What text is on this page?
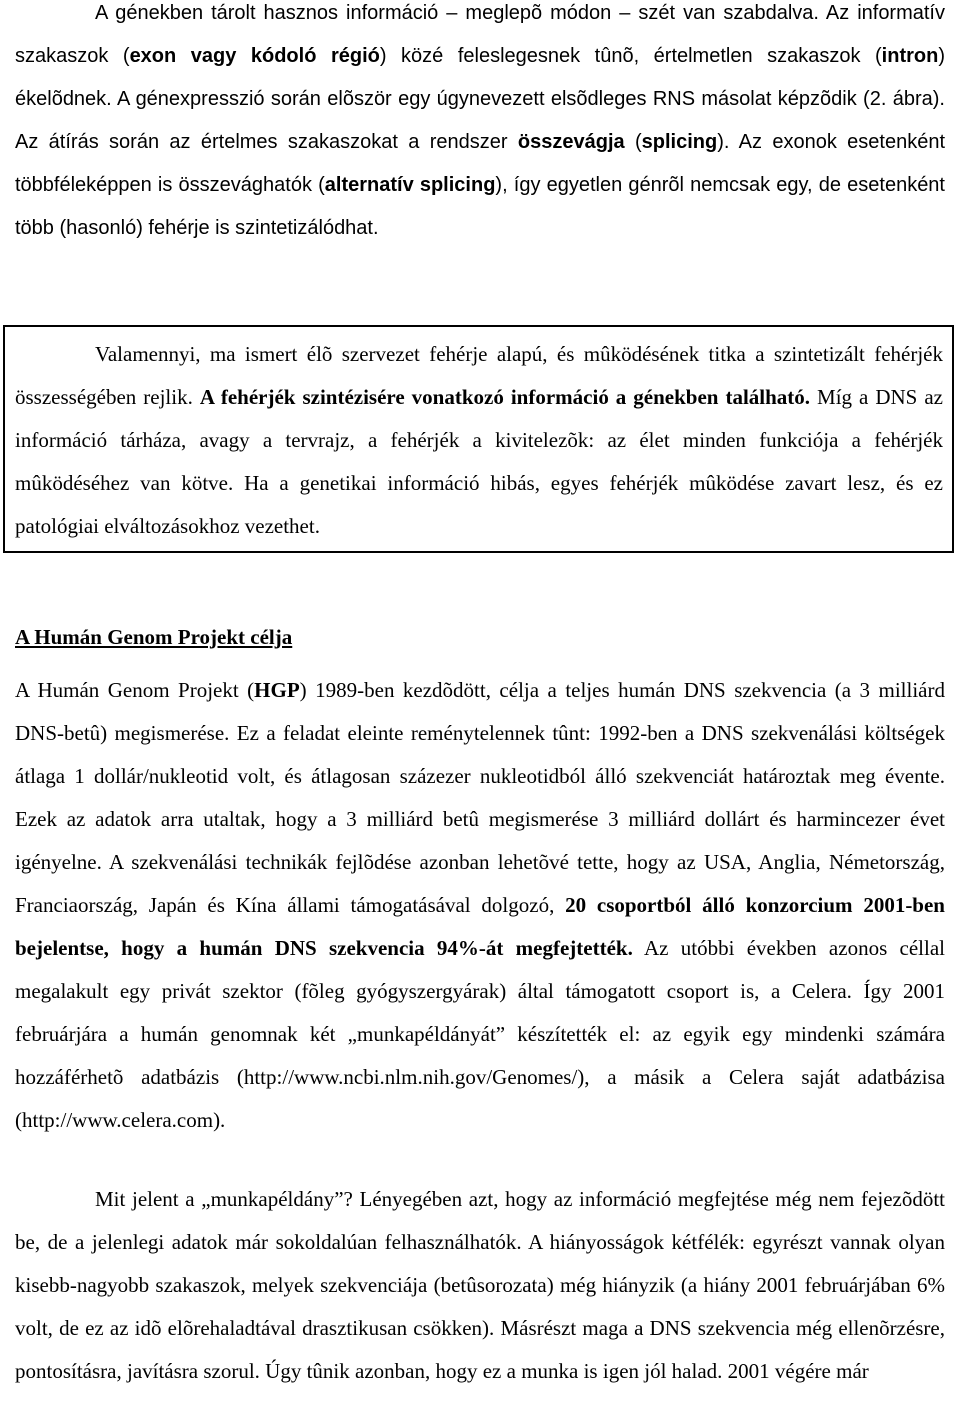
A génekben tárolt hasznos információ – meglepõ módon – szét van szabdalva. Az informatív szakaszok (exon vagy kódoló régió) közé feleslegesnek tûnõ, értelmetlen szakaszok (intron) ékelõdnek. A génexpresszió során elõször egy úgynevezett elsõdleges RNS másolat képzõdik (2. ábra). Az átírás során az értelmes szakaszokat a rendszer összevágja (splicing). Az exonok esetenként többféleképpen is összevághatók (alternatív splicing), így egyetlen génrõl nemcsak egy, de esetenként több (hasonló) fehérje is szintetizálódhat.

Valamennyi, ma ismert élõ szervezet fehérje alapú, és mûködésének titka a szintetizált fehérjék összességében rejlik. A fehérjék szintézisére vonatkozó információ a génekben található. Míg a DNS az információ tárháza, avagy a tervrajz, a fehérjék a kivitelezõk: az élet minden funkciója a fehérjék mûködéséhez van kötve. Ha a genetikai információ hibás, egyes fehérjék mûködése zavart lesz, és ez patológiai elváltozásokhoz vezethet.

A Humán Genom Projekt célja

A Humán Genom Projekt (HGP) 1989-ben kezdõdött, célja a teljes humán DNS szekvencia (a 3 milliárd DNS-betû) megismerése. Ez a feladat eleinte reménytelennek tûnt: 1992-ben a DNS szekvenálási költségek átlaga 1 dollár/nukleotid volt, és átlagosan százezer nukleotidból álló szekvenciát határoztak meg évente. Ezek az adatok arra utaltak, hogy a 3 milliárd betû megismerése 3 milliárd dollárt és harmincezer évet igényelne. A szekvenálási technikák fejlõdése azonban lehetõvé tette, hogy az USA, Anglia, Németország, Franciaország, Japán és Kína állami támogatásával dolgozó, 20 csoportból álló konzorcium 2001-ben bejelentse, hogy a humán DNS szekvencia 94%-át megfejtették. Az utóbbi években azonos céllal megalakult egy privát szektor (fõleg gyógyszergyárak) által támogatott csoport is, a Celera. Így 2001 februárjára a humán genomnak két „munkapéldányát” készítették el: az egyik egy mindenki számára hozzáférhetõ adatbázis (http://www.ncbi.nlm.nih.gov/Genomes/), a másik a Celera saját adatbázisa (http://www.celera.com).

Mit jelent a „munkapéldány”? Lényegében azt, hogy az információ megfejtése még nem fejezõdött be, de a jelenlegi adatok már sokoldalúan felhasználhatók. A hiányosságok kétfélék: egyrészt vannak olyan kisebb-nagyobb szakaszok, melyek szekvenciája (betûsorozata) még hiányzik (a hiány 2001 februárjában 6% volt, de ez az idõ elõrehaladtával drasztikusan csökken). Másrészt maga a DNS szekvencia még ellenõrzésre, pontosításra, javításra szorul. Úgy tûnik azonban, hogy ez a munka is igen jól halad. 2001 végére már
